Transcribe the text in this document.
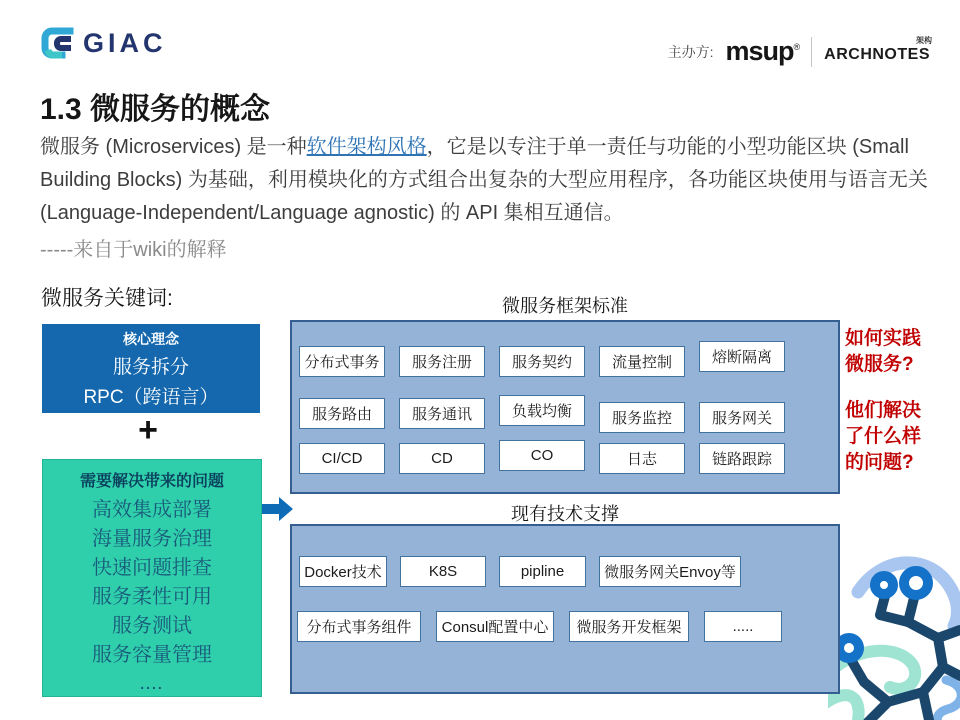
GIAC	主办方: msup®
架构
ARCHNOTES
1.3 微服务的概念

微服务 (Microservices) 是一种软件架构风格，它是以专注于单一责任与功能的小型功能区块 (Small Building Blocks) 为基础，利用模块化的方式组合出复杂的大型应用程序，各功能区块使用与语言无关 (Language-Independent/Language agnostic) 的 API 集相互通信。

-----来自于wiki的解释
微服务关键词:
核心理念
服务拆分
RPC（跨语言）
+
需要解决带来的问题
高效集成部署
海量服务治理
快速问题排查
服务柔性可用
服务测试
服务容量管理
....
微服务框架标准
分布式事务	服务注册	服务契约	流量控制	熔断隔离
服务路由	服务通讯	负载均衡	服务监控	服务网关
CI/CD	CD	CO	日志	链路跟踪
现有技术支撑
Docker技术	K8S	pipline	微服务网关Envoy等
分布式事务组件	Consul配置中心	微服务开发框架	.....
如何实践
微服务?
他们解决
了什么样
的问题?
